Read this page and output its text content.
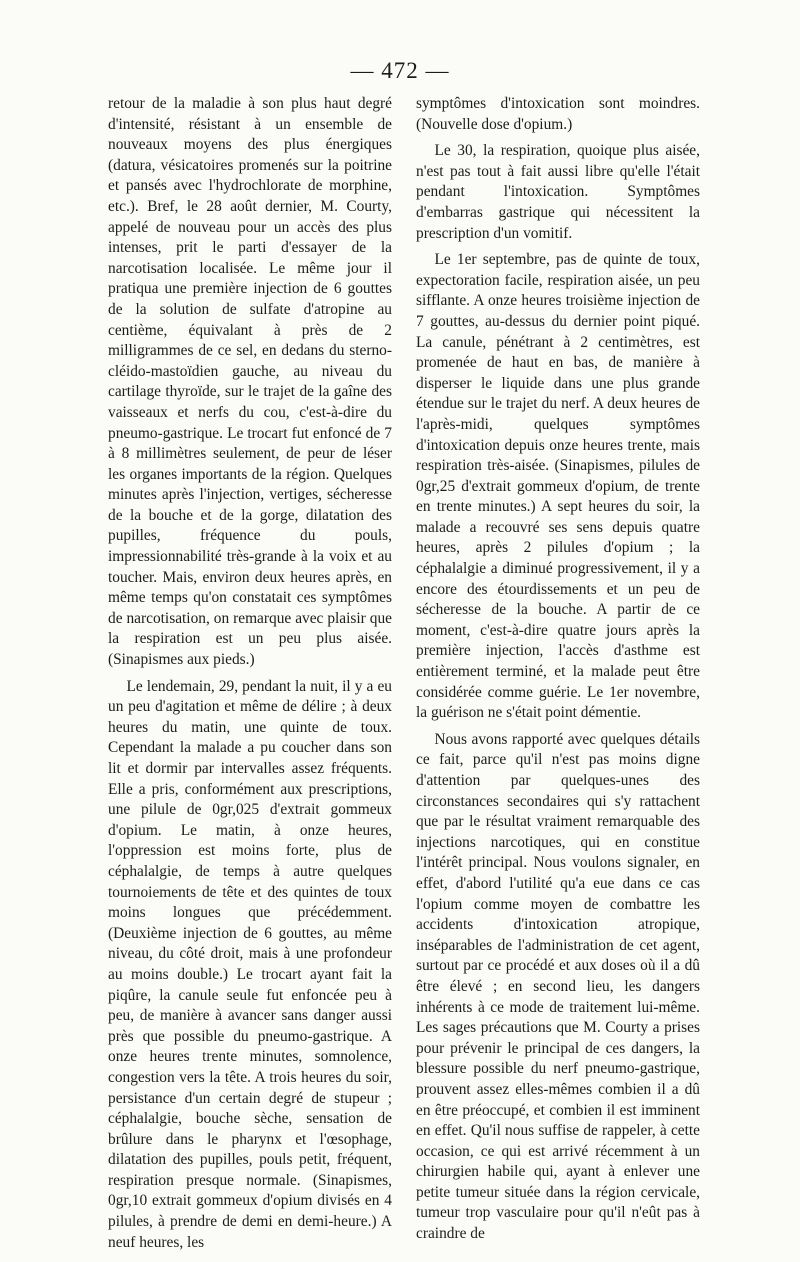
— 472 —

retour de la maladie à son plus haut degré d'intensité, résistant à un ensemble de nouveaux moyens des plus énergiques (datura, vésicatoires promenés sur la poitrine et pansés avec l'hydrochlorate de morphine, etc.). Bref, le 28 août dernier, M. Courty, appelé de nouveau pour un accès des plus intenses, prit le parti d'essayer de la narcotisation localisée. Le même jour il pratiqua une première injection de 6 gouttes de la solution de sulfate d'atropine au centième, équivalant à près de 2 milligrammes de ce sel, en dedans du sterno-cléido-mastoïdien gauche, au niveau du cartilage thyroïde, sur le trajet de la gaîne des vaisseaux et nerfs du cou, c'est-à-dire du pneumo-gastrique. Le trocart fut enfoncé de 7 à 8 millimètres seulement, de peur de léser les organes importants de la région. Quelques minutes après l'injection, vertiges, sécheresse de la bouche et de la gorge, dilatation des pupilles, fréquence du pouls, impressionnabilité très-grande à la voix et au toucher. Mais, environ deux heures après, en même temps qu'on constatait ces symptômes de narcotisation, on remarque avec plaisir que la respiration est un peu plus aisée. (Sinapismes aux pieds.)

Le lendemain, 29, pendant la nuit, il y a eu un peu d'agitation et même de délire ; à deux heures du matin, une quinte de toux. Cependant la malade a pu coucher dans son lit et dormir par intervalles assez fréquents. Elle a pris, conformément aux prescriptions, une pilule de 0gr,025 d'extrait gommeux d'opium. Le matin, à onze heures, l'oppression est moins forte, plus de céphalalgie, de temps à autre quelques tournoiements de tête et des quintes de toux moins longues que précédemment. (Deuxième injection de 6 gouttes, au même niveau, du côté droit, mais à une profondeur au moins double.) Le trocart ayant fait la piqûre, la canule seule fut enfoncée peu à peu, de manière à avancer sans danger aussi près que possible du pneumo-gastrique. A onze heures trente minutes, somnolence, congestion vers la tête. A trois heures du soir, persistance d'un certain degré de stupeur ; céphalalgie, bouche sèche, sensation de brûlure dans le pharynx et l'œsophage, dilatation des pupilles, pouls petit, fréquent, respiration presque normale. (Sinapismes, 0gr,10 extrait gommeux d'opium divisés en 4 pilules, à prendre de demi en demi-heure.) A neuf heures, les

symptômes d'intoxication sont moindres. (Nouvelle dose d'opium.)

Le 30, la respiration, quoique plus aisée, n'est pas tout à fait aussi libre qu'elle l'était pendant l'intoxication. Symptômes d'embarras gastrique qui nécessitent la prescription d'un vomitif.

Le 1er septembre, pas de quinte de toux, expectoration facile, respiration aisée, un peu sifflante. A onze heures troisième injection de 7 gouttes, au-dessus du dernier point piqué. La canule, pénétrant à 2 centimètres, est promenée de haut en bas, de manière à disperser le liquide dans une plus grande étendue sur le trajet du nerf. A deux heures de l'après-midi, quelques symptômes d'intoxication depuis onze heures trente, mais respiration très-aisée. (Sinapismes, pilules de 0gr,25 d'extrait gommeux d'opium, de trente en trente minutes.) A sept heures du soir, la malade a recouvré ses sens depuis quatre heures, après 2 pilules d'opium ; la céphalalgie a diminué progressivement, il y a encore des étourdissements et un peu de sécheresse de la bouche. A partir de ce moment, c'est-à-dire quatre jours après la première injection, l'accès d'asthme est entièrement terminé, et la malade peut être considérée comme guérie. Le 1er novembre, la guérison ne s'était point démentie.

Nous avons rapporté avec quelques détails ce fait, parce qu'il n'est pas moins digne d'attention par quelques-unes des circonstances secondaires qui s'y rattachent que par le résultat vraiment remarquable des injections narcotiques, qui en constitue l'intérêt principal. Nous voulons signaler, en effet, d'abord l'utilité qu'a eue dans ce cas l'opium comme moyen de combattre les accidents d'intoxication atropique, inséparables de l'administration de cet agent, surtout par ce procédé et aux doses où il a dû être élevé ; en second lieu, les dangers inhérents à ce mode de traitement lui-même. Les sages précautions que M. Courty a prises pour prévenir le principal de ces dangers, la blessure possible du nerf pneumo-gastrique, prouvent assez elles-mêmes combien il a dû en être préoccupé, et combien il est imminent en effet. Qu'il nous suffise de rappeler, à cette occasion, ce qui est arrivé récemment à un chirurgien habile qui, ayant à enlever une petite tumeur située dans la région cervicale, tumeur trop vasculaire pour qu'il n'eût pas à craindre de
